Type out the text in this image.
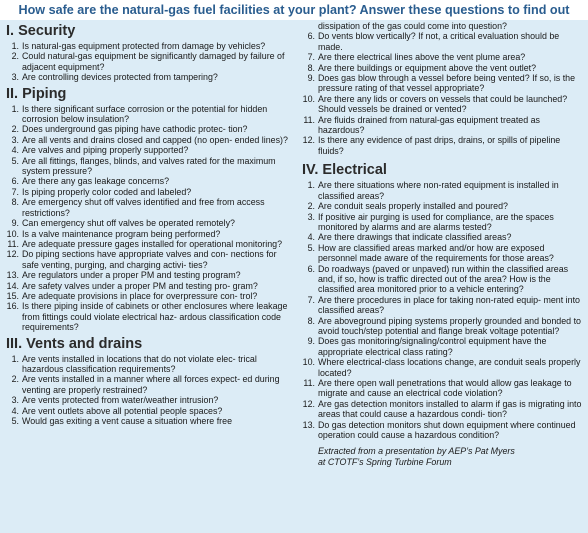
How safe are the natural-gas fuel facilities at your plant? Answer these questions to find out
I. Security
1. Is natural-gas equipment protected from damage by vehicles?
2. Could natural-gas equipment be significantly damaged by failure of adjacent equipment?
3. Are controlling devices protected from tampering?
II. Piping
1. Is there significant surface corrosion or the potential for hidden corrosion below insulation?
2. Does underground gas piping have cathodic protec- tion?
3. Are all vents and drains closed and capped (no open- ended lines)?
4. Are valves and piping properly supported?
5. Are all fittings, flanges, blinds, and valves rated for the maximum system pressure?
6. Are there any gas leakage concerns?
7. Is piping properly color coded and labeled?
8. Are emergency shut off valves identified and free from access restrictions?
9. Can emergency shut off valves be operated remotely?
10. Is a valve maintenance program being performed?
11. Are adequate pressure gages installed for operational monitoring?
12. Do piping sections have appropriate valves and con- nections for safe venting, purging, and charging activi- ties?
13. Are regulators under a proper PM and testing program?
14. Are safety valves under a proper PM and testing pro- gram?
15. Are adequate provisions in place for overpressure con- trol?
16. Is there piping inside of cabinets or other enclosures where leakage from fittings could violate electrical haz- ardous classification code requirements?
III. Vents and drains
1. Are vents installed in locations that do not violate elec- trical hazardous classification requirements?
2. Are vents installed in a manner where all forces expect- ed during venting are properly restrained?
3. Are vents protected from water/weather intrusion?
4. Are vent outlets above all potential people spaces?
5. Would gas exiting a vent cause a situation where free
dissipation of the gas could come into question?
6. Do vents blow vertically? If not, a critical evaluation should be made.
7. Are there electrical lines above the vent plume area?
8. Are there buildings or equipment above the vent outlet?
9. Does gas blow through a vessel before being vented? If so, is the pressure rating of that vessel appropriate?
10. Are there any lids or covers on vessels that could be launched? Should vessels be drained or vented?
11. Are fluids drained from natural-gas equipment treated as hazardous?
12. Is there any evidence of past drips, drains, or spills of pipeline fluids?
IV. Electrical
1. Are there situations where non-rated equipment is installed in classified areas?
2. Are conduit seals properly installed and poured?
3. If positive air purging is used for compliance, are the spaces monitored by alarms and are alarms tested?
4. Are there drawings that indicate classified areas?
5. How are classified areas marked and/or how are exposed personnel made aware of the requirements for those areas?
6. Do roadways (paved or unpaved) run within the classified areas and, if so, how is traffic directed out of the area? How is the classified area monitored prior to a vehicle entering?
7. Are there procedures in place for taking non-rated equip- ment into classified areas?
8. Are aboveground piping systems properly grounded and bonded to avoid touch/step potential and flange break voltage potential?
9. Does gas monitoring/signaling/control equipment have the appropriate electrical class rating?
10. Where electrical-class locations change, are conduit seals properly located?
11. Are there open wall penetrations that would allow gas leakage to migrate and cause an electrical code violation?
12. Are gas detection monitors installed to alarm if gas is migrating into areas that could cause a hazardous condi- tion?
13. Do gas detection monitors shut down equipment where continued operation could cause a hazardous condition?
Extracted from a presentation by AEP’s Pat Myers
at CTOTF’s Spring Turbine Forum
